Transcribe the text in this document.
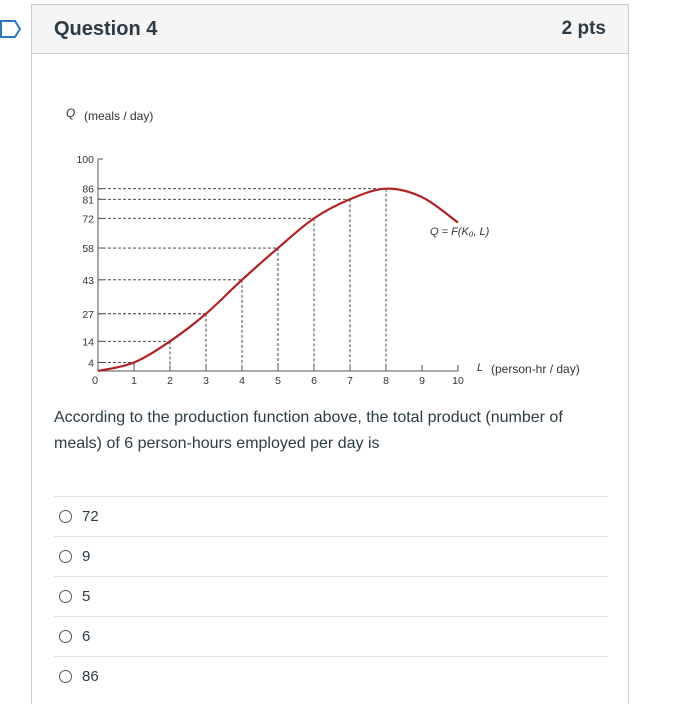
Question 4	2 pts
4
14
27
43
58
72
81
86
100
1	2	3	4	5	6	7	8	9	10
Q (meals / day)
L (person-hr / day)
Q = F(K₀, L)
0
According to the production function above, the total product (number of meals) of 6 person-hours employed per day is
72
9
5
6
86
